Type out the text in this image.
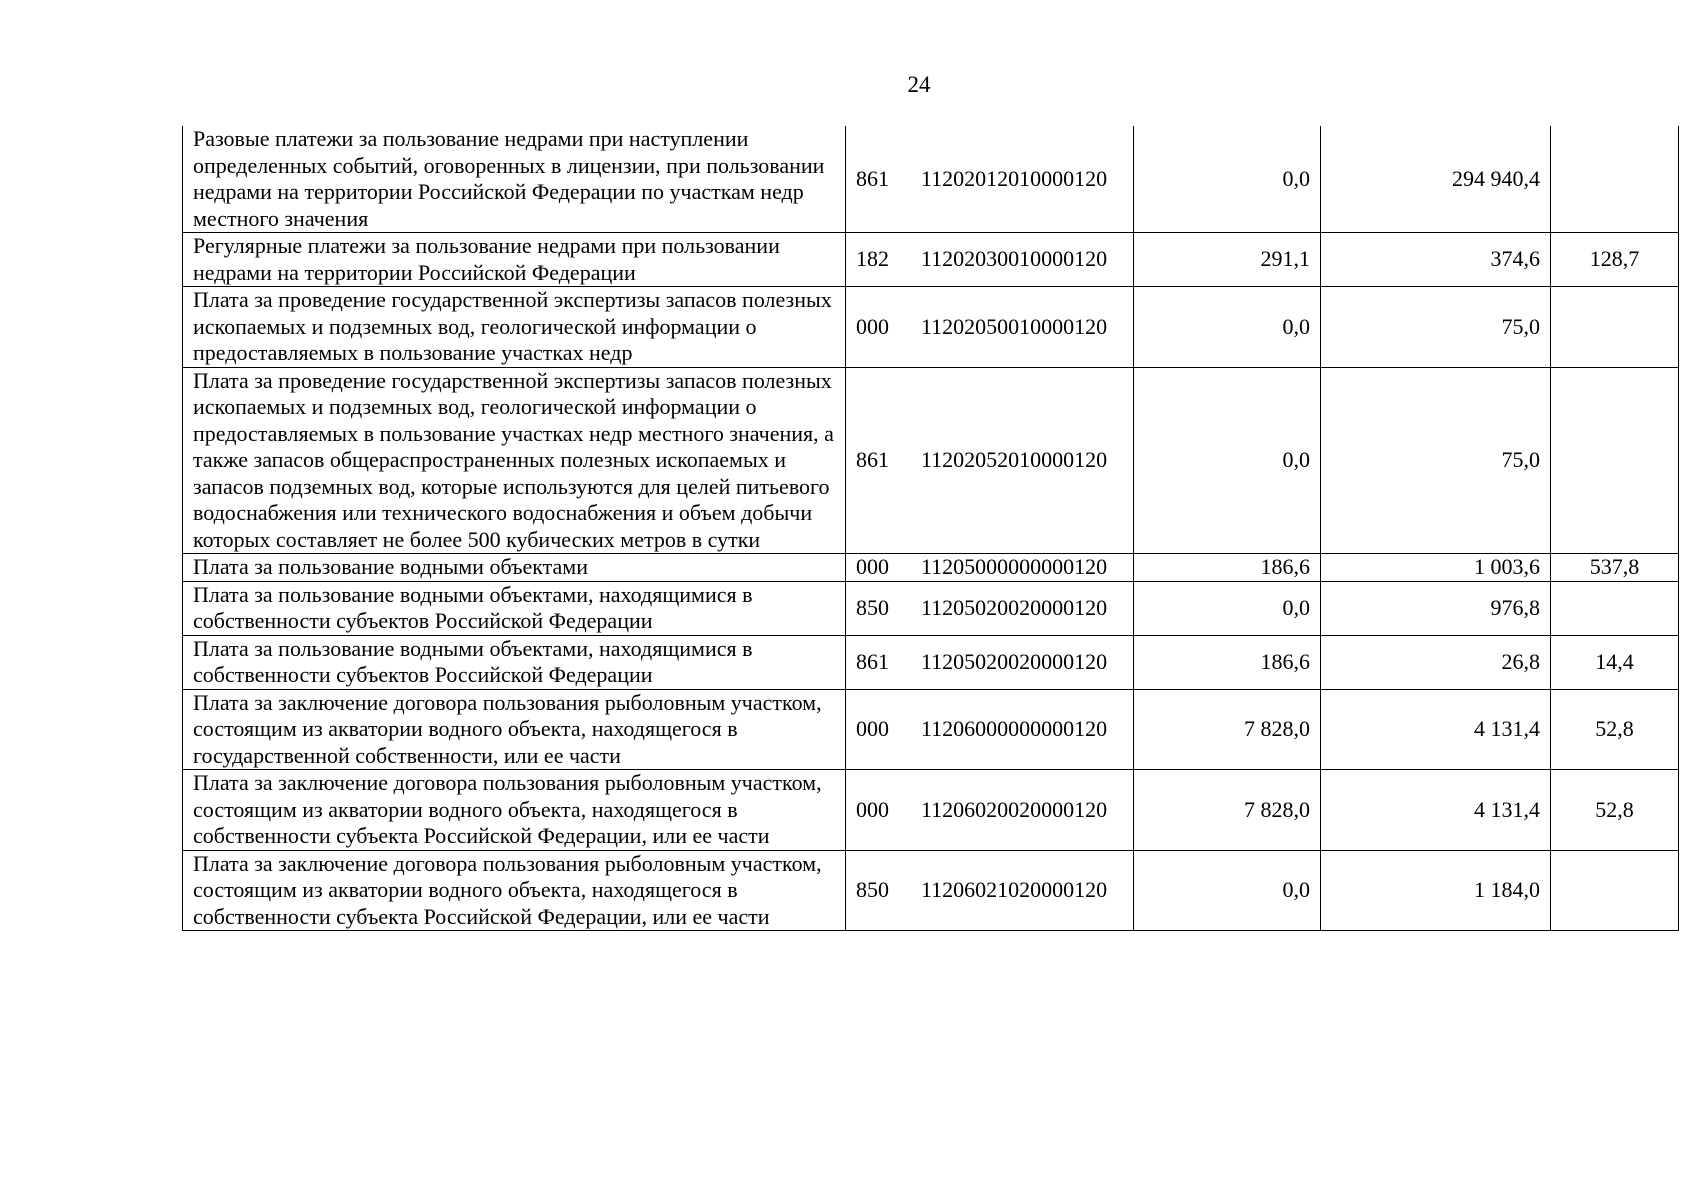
24
Разовые платежи за пользование недрами при наступлении определенных событий, оговоренных в лицензии, при пользовании недрами на территории Российской Федерации по участкам недр местного значения	861 11202012010000120	0,0	294 940,4	
Регулярные платежи за пользование недрами при пользовании недрами на территории Российской Федерации	182 11202030010000120	291,1	374,6	128,7
Плата за проведение государственной экспертизы запасов полезных ископаемых и подземных вод, геологической информации о предоставляемых в пользование участках недр	000 11202050010000120	0,0	75,0	
Плата за проведение государственной экспертизы запасов полезных ископаемых и подземных вод, геологической информации о предоставляемых в пользование участках недр местного значения, а также запасов общераспространенных полезных ископаемых и запасов подземных вод, которые используются для целей питьевого водоснабжения или технического водоснабжения и объем добычи которых составляет не более 500 кубических метров в сутки	861 11202052010000120	0,0	75,0	
Плата за пользование водными объектами	000 11205000000000120	186,6	1 003,6	537,8
Плата за пользование водными объектами, находящимися в собственности субъектов Российской Федерации	850 11205020020000120	0,0	976,8	
Плата за пользование водными объектами, находящимися в собственности субъектов Российской Федерации	861 11205020020000120	186,6	26,8	14,4
Плата за заключение договора пользования рыболовным участком, состоящим из акватории водного объекта, находящегося в государственной собственности, или ее части	000 11206000000000120	7 828,0	4 131,4	52,8
Плата за заключение договора пользования рыболовным участком, состоящим из акватории водного объекта, находящегося в собственности субъекта Российской Федерации, или ее части	000 11206020020000120	7 828,0	4 131,4	52,8
Плата за заключение договора пользования рыболовным участком, состоящим из акватории водного объекта, находящегося в собственности субъекта Российской Федерации, или ее части	850 11206021020000120	0,0	1 184,0	
